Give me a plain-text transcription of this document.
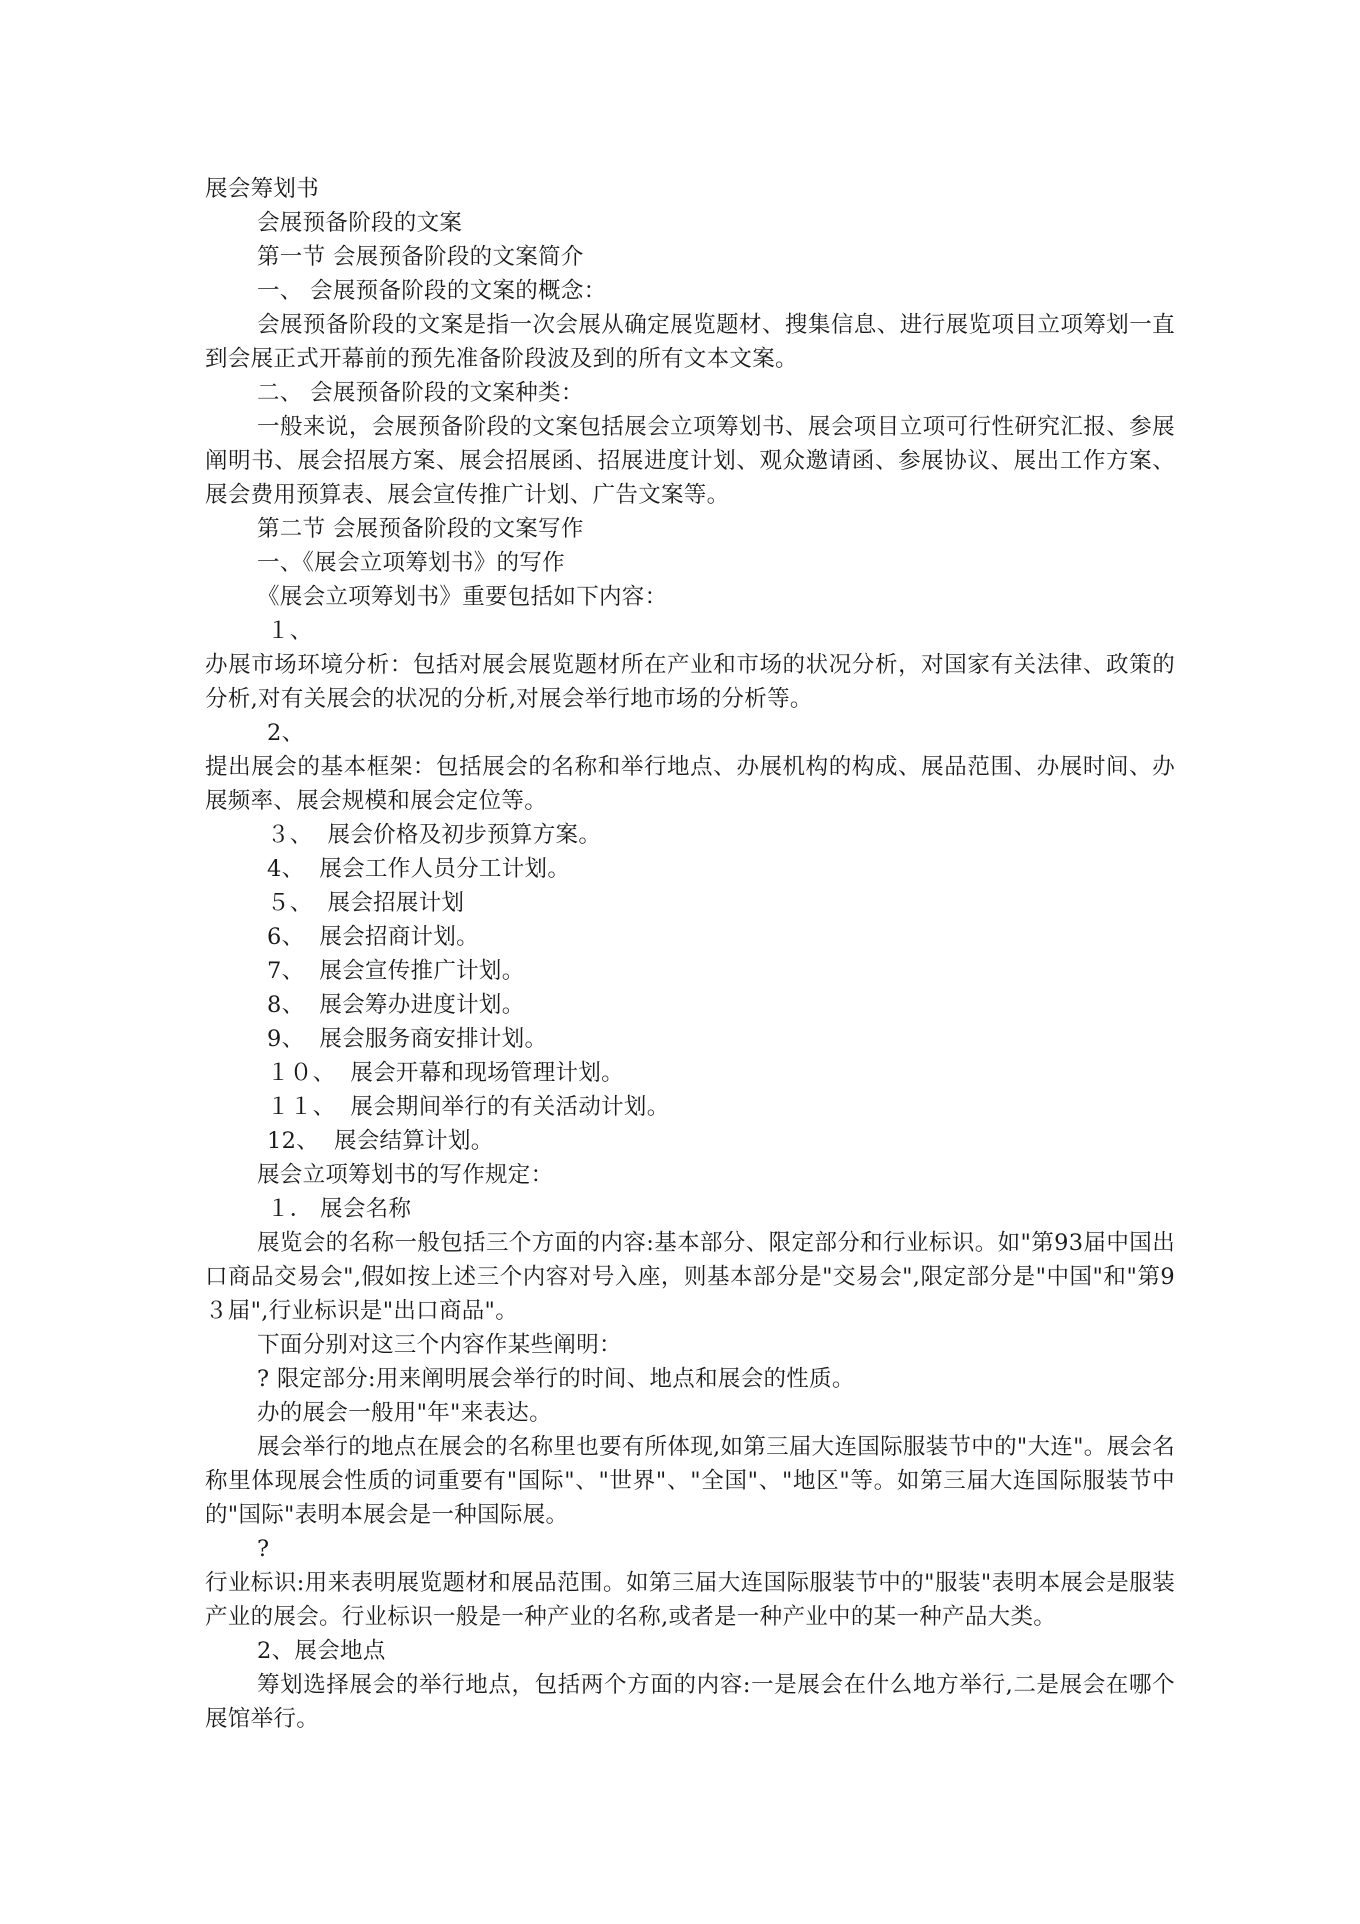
展会筹划书
会展预备阶段的文案
第一节 会展预备阶段的文案简介
一、 会展预备阶段的文案的概念：
会展预备阶段的文案是指一次会展从确定展览题材、搜集信息、进行展览项目立项筹划一直到会展正式开幕前的预先准备阶段波及到的所有文本文案。
二、 会展预备阶段的文案种类：
一般来说，会展预备阶段的文案包括展会立项筹划书、展会项目立项可行性研究汇报、参展阐明书、展会招展方案、展会招展函、招展进度计划、观众邀请函、参展协议、展出工作方案、展会费用预算表、展会宣传推广计划、广告文案等。
第二节 会展预备阶段的文案写作
一、《展会立项筹划书》的写作
《展会立项筹划书》重要包括如下内容：
１、
办展市场环境分析：包括对展会展览题材所在产业和市场的状况分析，对国家有关法律、政策的分析,对有关展会的状况的分析,对展会举行地市场的分析等。
2、
提出展会的基本框架：包括展会的名称和举行地点、办展机构的构成、展品范围、办展时间、办展频率、展会规模和展会定位等。
３、 展会价格及初步预算方案。
4、 展会工作人员分工计划。
５、 展会招展计划
6、 展会招商计划。
7、 展会宣传推广计划。
8、 展会筹办进度计划。
9、 展会服务商安排计划。
１０、 展会开幕和现场管理计划。
１１、 展会期间举行的有关活动计划。
12、 展会结算计划。
展会立项筹划书的写作规定：
１． 展会名称
展览会的名称一般包括三个方面的内容:基本部分、限定部分和行业标识。如"第93届中国出口商品交易会",假如按上述三个内容对号入座，则基本部分是"交易会",限定部分是"中国"和"第9３届",行业标识是"出口商品"。
下面分别对这三个内容作某些阐明：
? 限定部分:用来阐明展会举行的时间、地点和展会的性质。
办的展会一般用"年"来表达。
展会举行的地点在展会的名称里也要有所体现,如第三届大连国际服装节中的"大连"。展会名称里体现展会性质的词重要有"国际"、"世界"、"全国"、"地区"等。如第三届大连国际服装节中的"国际"表明本展会是一种国际展。
?
行业标识:用来表明展览题材和展品范围。如第三届大连国际服装节中的"服装"表明本展会是服装产业的展会。行业标识一般是一种产业的名称,或者是一种产业中的某一种产品大类。
2、展会地点
筹划选择展会的举行地点，包括两个方面的内容:一是展会在什么地方举行,二是展会在哪个展馆举行。
